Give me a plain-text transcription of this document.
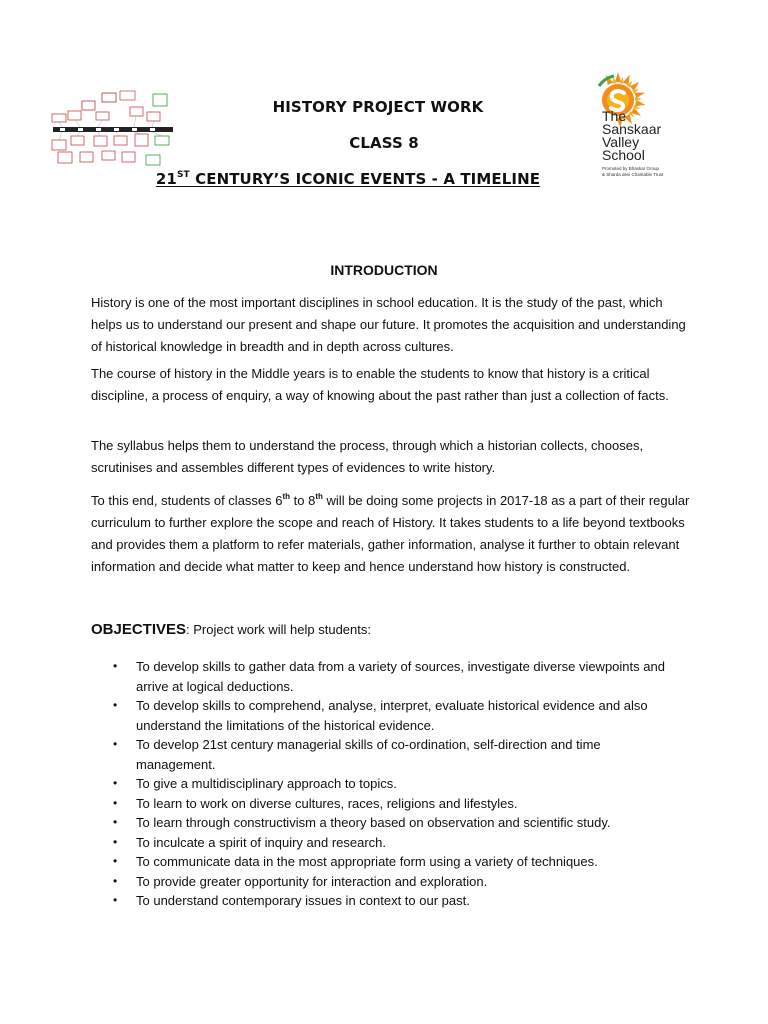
HISTORY PROJECT WORK
CLASS 8
21ST CENTURY’S ICONIC EVENTS - A TIMELINE
The
Sanskaar
Valley
School
Promoted by Bhaskar Group
& Sharda devi Charitable Trust
INTRODUCTION
History is one of the most important disciplines in school education. It is the study of the past, which helps us to understand our present and shape our future. It promotes the acquisition and understanding of historical knowledge in breadth and in depth across cultures.
The course of history in the Middle years is to enable the students to know that history is a critical discipline, a process of enquiry, a way of knowing about the past rather than just a collection of facts.
The syllabus helps them to understand the process, through which a historian collects, chooses, scrutinises and assembles different types of evidences to write history.
To this end, students of classes 6th to 8th will be doing some projects in 2017-18 as a part of their regular curriculum to further explore the scope and reach of History. It takes students to a life beyond textbooks and provides them a platform to refer materials, gather information, analyse it further to obtain relevant information and decide what matter to keep and hence understand how history is constructed.
OBJECTIVES: Project work will help students:
• To develop skills to gather data from a variety of sources, investigate diverse viewpoints and arrive at logical deductions.
• To develop skills to comprehend, analyse, interpret, evaluate historical evidence and also understand the limitations of the historical evidence.
• To develop 21st century managerial skills of co-ordination, self-direction and time management.
• To give a multidisciplinary approach to topics.
• To learn to work on diverse cultures, races, religions and lifestyles.
• To learn through constructivism a theory based on observation and scientific study.
• To inculcate a spirit of inquiry and research.
• To communicate data in the most appropriate form using a variety of techniques.
• To provide greater opportunity for interaction and exploration.
• To understand contemporary issues in context to our past.
